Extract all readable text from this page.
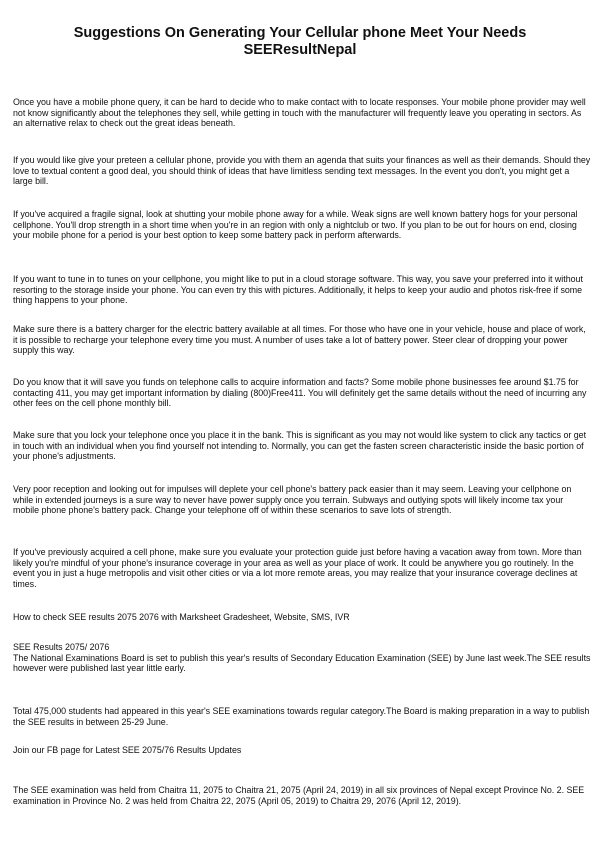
Suggestions On Generating Your Cellular phone Meet Your Needs SEEResultNepal

Once you have a mobile phone query, it can be hard to decide who to make contact with to locate responses. Your mobile phone provider may well not know significantly about the telephones they sell, while getting in touch with the manufacturer will frequently leave you operating in sectors. As an alternative relax to check out the great ideas beneath.

If you would like give your preteen a cellular phone, provide you with them an agenda that suits your finances as well as their demands. Should they love to textual content a good deal, you should think of ideas that have limitless sending text messages. In the event you don't, you might get a large bill.

If you've acquired a fragile signal, look at shutting your mobile phone away for a while. Weak signs are well known battery hogs for your personal cellphone. You'll drop strength in a short time when you're in an region with only a nightclub or two. If you plan to be out for hours on end, closing your mobile phone for a period is your best option to keep some battery pack in perform afterwards.

If you want to tune in to tunes on your cellphone, you might like to put in a cloud storage software. This way, you save your preferred into it without resorting to the storage inside your phone. You can even try this with pictures. Additionally, it helps to keep your audio and photos risk-free if some thing happens to your phone.

Make sure there is a battery charger for the electric battery available at all times. For those who have one in your vehicle, house and place of work, it is possible to recharge your telephone every time you must. A number of uses take a lot of battery power. Steer clear of dropping your power supply this way.

Do you know that it will save you funds on telephone calls to acquire information and facts? Some mobile phone businesses fee around $1.75 for contacting 411, you may get important information by dialing (800)Free411. You will definitely get the same details without the need of incurring any other fees on the cell phone monthly bill.

Make sure that you lock your telephone once you place it in the bank. This is significant as you may not would like system to click any tactics or get in touch with an individual when you find yourself not intending to. Normally, you can get the fasten screen characteristic inside the basic portion of your phone's adjustments.

Very poor reception and looking out for impulses will deplete your cell phone's battery pack easier than it may seem. Leaving your cellphone on while in extended journeys is a sure way to never have power supply once you terrain. Subways and outlying spots will likely income tax your mobile phone phone's battery pack. Change your telephone off of within these scenarios to save lots of strength.

If you've previously acquired a cell phone, make sure you evaluate your protection guide just before having a vacation away from town. More than likely you're mindful of your phone's insurance coverage in your area as well as your place of work. It could be anywhere you go routinely. In the event you in just a huge metropolis and visit other cities or via a lot more remote areas, you may realize that your insurance coverage declines at times.

How to check SEE results 2075 2076 with Marksheet Gradesheet, Website, SMS, IVR

SEE Results 2075/ 2076
The National Examinations Board is set to publish this year's results of Secondary Education Examination (SEE) by June last week.The SEE results however were published last year little early.

Total 475,000 students had appeared in this year's SEE examinations towards regular category.The Board is making preparation in a way to publish the SEE results in between 25-29 June.

Join our FB page for Latest SEE 2075/76 Results Updates

The SEE examination was held from Chaitra 11, 2075 to Chaitra 21, 2075 (April 24, 2019) in all six provinces of Nepal except Province No. 2. SEE examination in Province No. 2 was held from Chaitra 22, 2075 (April 05, 2019) to Chaitra 29, 2076 (April 12, 2019).
